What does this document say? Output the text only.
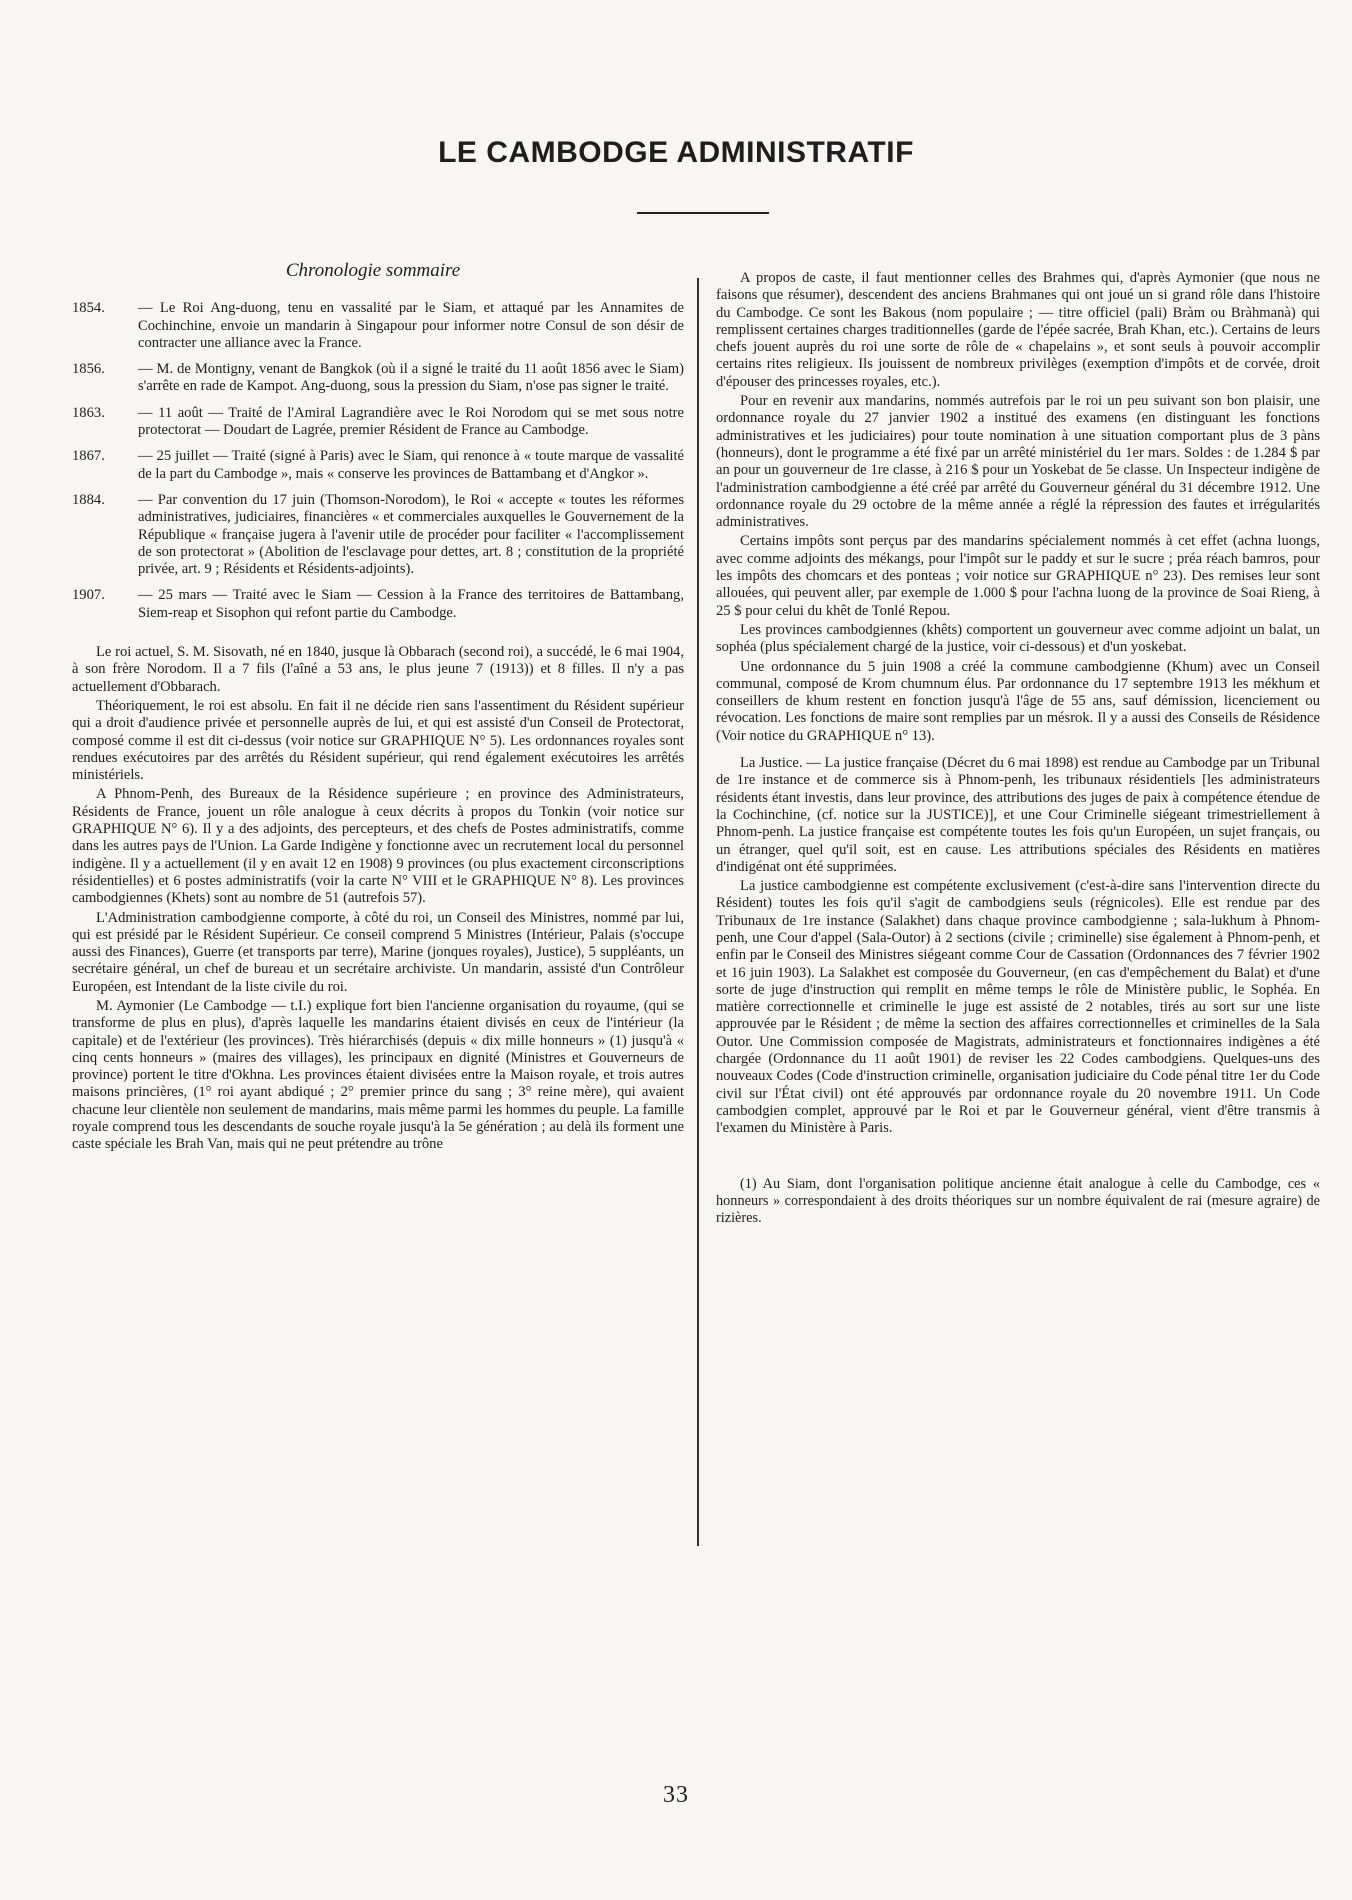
LE CAMBODGE ADMINISTRATIF
Chronologie sommaire
1854.	— Le Roi Ang-duong, tenu en vassalité par le Siam, et attaqué par les Annamites de Cochinchine, envoie un mandarin à Singapour pour informer notre Consul de son désir de contracter une alliance avec la France.
1856.	— M. de Montigny, venant de Bangkok (où il a signé le traité du 11 août 1856 avec le Siam) s'arrête en rade de Kampot. Ang-duong, sous la pression du Siam, n'ose pas signer le traité.
1863.	— 11 août — Traité de l'Amiral Lagrandière avec le Roi Norodom qui se met sous notre protectorat — Doudart de Lagrée, premier Résident de France au Cambodge.
1867.	— 25 juillet — Traité (signé à Paris) avec le Siam, qui renonce à « toute marque de vassalité de la part du Cambodge », mais « conserve les provinces de Battambang et d'Angkor ».
1884.	— Par convention du 17 juin (Thomson-Norodom), le Roi « accepte « toutes les réformes administratives, judiciaires, financières « et commerciales auxquelles le Gouvernement de la République « française jugera à l'avenir utile de procéder pour faciliter « l'accomplissement de son protectorat » (Abolition de l'esclavage pour dettes, art. 8 ; constitution de la propriété privée, art. 9 ; Résidents et Résidents-adjoints).
1907.	— 25 mars — Traité avec le Siam — Cession à la France des territoires de Battambang, Siem-reap et Sisophon qui refont partie du Cambodge.

Le roi actuel, S. M. Sisovath, né en 1840, jusque là Obbarach (second roi), a succédé, le 6 mai 1904, à son frère Norodom. Il a 7 fils (l'aîné a 53 ans, le plus jeune 7 (1913)) et 8 filles. Il n'y a pas actuellement d'Obbarach.

Théoriquement, le roi est absolu. En fait il ne décide rien sans l'assentiment du Résident supérieur qui a droit d'audience privée et personnelle auprès de lui, et qui est assisté d'un Conseil de Protectorat, composé comme il est dit ci-dessus (voir notice sur GRAPHIQUE N° 5). Les ordonnances royales sont rendues exécutoires par des arrêtés du Résident supérieur, qui rend également exécutoires les arrêtés ministériels.

A Phnom-Penh, des Bureaux de la Résidence supérieure ; en province des Administrateurs, Résidents de France, jouent un rôle analogue à ceux décrits à propos du Tonkin (voir notice sur GRAPHIQUE N° 6). Il y a des adjoints, des percepteurs, et des chefs de Postes administratifs, comme dans les autres pays de l'Union. La Garde Indigène y fonctionne avec un recrutement local du personnel indigène. Il y a actuellement (il y en avait 12 en 1908) 9 provinces (ou plus exactement circonscriptions résidentielles) et 6 postes administratifs (voir la carte N° VIII et le GRAPHIQUE N° 8). Les provinces cambodgiennes (Khets) sont au nombre de 51 (autrefois 57).

L'Administration cambodgienne comporte, à côté du roi, un Conseil des Ministres, nommé par lui, qui est présidé par le Résident Supérieur. Ce conseil comprend 5 Ministres (Intérieur, Palais (s'occupe aussi des Finances), Guerre (et transports par terre), Marine (jonques royales), Justice), 5 suppléants, un secrétaire général, un chef de bureau et un secrétaire archiviste. Un mandarin, assisté d'un Contrôleur Européen, est Intendant de la liste civile du roi.

M. Aymonier (Le Cambodge — t.I.) explique fort bien l'ancienne organisation du royaume, (qui se transforme de plus en plus), d'après laquelle les mandarins étaient divisés en ceux de l'intérieur (la capitale) et de l'extérieur (les provinces). Très hiérarchisés (depuis « dix mille honneurs » (1) jusqu'à « cinq cents honneurs » (maires des villages), les principaux en dignité (Ministres et Gouverneurs de province) portent le titre d'Okhna. Les provinces étaient divisées entre la Maison royale, et trois autres maisons princières, (1° roi ayant abdiqué ; 2° premier prince du sang ; 3° reine mère), qui avaient chacune leur clientèle non seulement de mandarins, mais même parmi les hommes du peuple. La famille royale comprend tous les descendants de souche royale jusqu'à la 5e génération ; au delà ils forment une caste spéciale les Brah Van, mais qui ne peut prétendre au trône

A propos de caste, il faut mentionner celles des Brahmes qui, d'après Aymonier (que nous ne faisons que résumer), descendent des anciens Brahmanes qui ont joué un si grand rôle dans l'histoire du Cambodge. Ce sont les Bakous (nom populaire ; — titre officiel (pali) Bràm ou Bràhmanà) qui remplissent certaines charges traditionnelles (garde de l'épée sacrée, Brah Khan, etc.). Certains de leurs chefs jouent auprès du roi une sorte de rôle de « chapelains », et sont seuls à pouvoir accomplir certains rites religieux. Ils jouissent de nombreux privilèges (exemption d'impôts et de corvée, droit d'épouser des princesses royales, etc.).

Pour en revenir aux mandarins, nommés autrefois par le roi un peu suivant son bon plaisir, une ordonnance royale du 27 janvier 1902 a institué des examens (en distinguant les fonctions administratives et les judiciaires) pour toute nomination à une situation comportant plus de 3 pàns (honneurs), dont le programme a été fixé par un arrêté ministériel du 1er mars. Soldes : de 1.284 $ par an pour un gouverneur de 1re classe, à 216 $ pour un Yoskebat de 5e classe. Un Inspecteur indigène de l'administration cambodgienne a été créé par arrêté du Gouverneur général du 31 décembre 1912. Une ordonnance royale du 29 octobre de la même année a réglé la répression des fautes et irrégularités administratives.

Certains impôts sont perçus par des mandarins spécialement nommés à cet effet (achna luongs, avec comme adjoints des mékangs, pour l'impôt sur le paddy et sur le sucre ; préa réach bamros, pour les impôts des chomcars et des ponteas ; voir notice sur GRAPHIQUE n° 23). Des remises leur sont allouées, qui peuvent aller, par exemple de 1.000 $ pour l'achna luong de la province de Soai Rieng, à 25 $ pour celui du khêt de Tonlé Repou.

Les provinces cambodgiennes (khêts) comportent un gouverneur avec comme adjoint un balat, un sophéa (plus spécialement chargé de la justice, voir ci-dessous) et d'un yoskebat.

Une ordonnance du 5 juin 1908 a créé la commune cambodgienne (Khum) avec un Conseil communal, composé de Krom chumnum élus. Par ordonnance du 17 septembre 1913 les mékhum et conseillers de khum restent en fonction jusqu'à l'âge de 55 ans, sauf démission, licenciement ou révocation. Les fonctions de maire sont remplies par un mésrok. Il y a aussi des Conseils de Résidence (Voir notice du GRAPHIQUE n° 13).

La Justice. — La justice française (Décret du 6 mai 1898) est rendue au Cambodge par un Tribunal de 1re instance et de commerce sis à Phnom-penh, les tribunaux résidentiels [les administrateurs résidents étant investis, dans leur province, des attributions des juges de paix à compétence étendue de la Cochinchine, (cf. notice sur la JUSTICE)], et une Cour Criminelle siégeant trimestriellement à Phnom-penh. La justice française est compétente toutes les fois qu'un Européen, un sujet français, ou un étranger, quel qu'il soit, est en cause. Les attributions spéciales des Résidents en matières d'indigénat ont été supprimées.

La justice cambodgienne est compétente exclusivement (c'est-à-dire sans l'intervention directe du Résident) toutes les fois qu'il s'agit de cambodgiens seuls (régnicoles). Elle est rendue par des Tribunaux de 1re instance (Salakhet) dans chaque province cambodgienne ; sala-lukhum à Phnom-penh, une Cour d'appel (Sala-Outor) à 2 sections (civile ; criminelle) sise également à Phnom-penh, et enfin par le Conseil des Ministres siégeant comme Cour de Cassation (Ordonnances des 7 février 1902 et 16 juin 1903). La Salakhet est composée du Gouverneur, (en cas d'empêchement du Balat) et d'une sorte de juge d'instruction qui remplit en même temps le rôle de Ministère public, le Sophéa. En matière correctionnelle et criminelle le juge est assisté de 2 notables, tirés au sort sur une liste approuvée par le Résident ; de même la section des affaires correctionnelles et criminelles de la Sala Outor. Une Commission composée de Magistrats, administrateurs et fonctionnaires indigènes a été chargée (Ordonnance du 11 août 1901) de reviser les 22 Codes cambodgiens. Quelques-uns des nouveaux Codes (Code d'instruction criminelle, organisation judiciaire du Code pénal titre 1er du Code civil sur l'État civil) ont été approuvés par ordonnance royale du 20 novembre 1911. Un Code cambodgien complet, approuvé par le Roi et par le Gouverneur général, vient d'être transmis à l'examen du Ministère à Paris.

(1) Au Siam, dont l'organisation politique ancienne était analogue à celle du Cambodge, ces « honneurs » correspondaient à des droits théoriques sur un nombre équivalent de rai (mesure agraire) de rizières.
33
